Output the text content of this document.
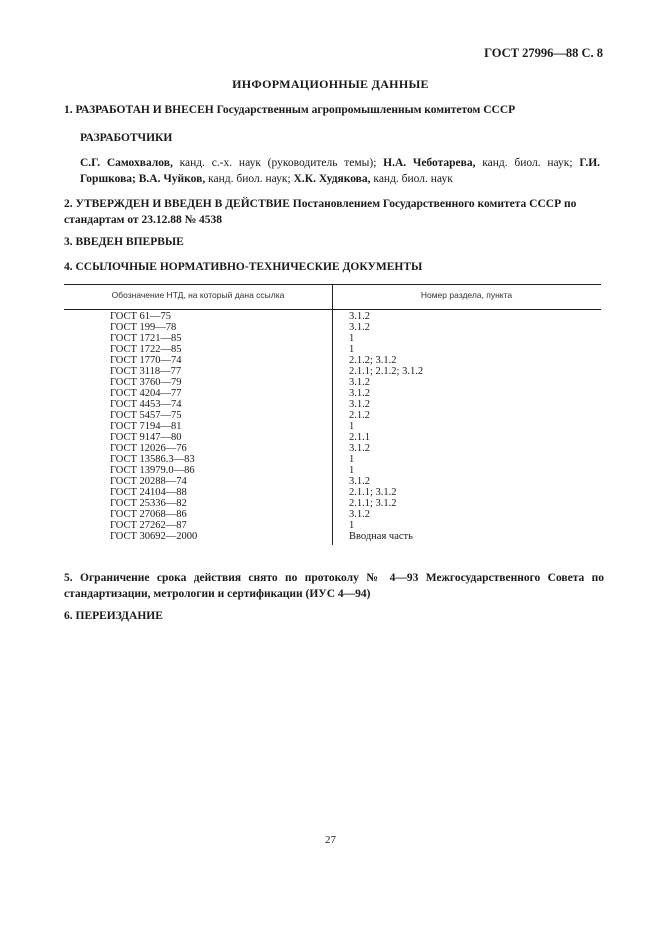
ГОСТ 27996—88 С. 8
ИНФОРМАЦИОННЫЕ ДАННЫЕ
1. РАЗРАБОТАН И ВНЕСЕН Государственным агропромышленным комитетом СССР
РАЗРАБОТЧИКИ
С.Г. Самохвалов, канд. с.-х. наук (руководитель темы); Н.А. Чеботарева, канд. биол. наук; Г.И. Горшкова; В.А. Чуйков, канд. биол. наук; Х.К. Худякова, канд. биол. наук
2. УТВЕРЖДЕН И ВВЕДЕН В ДЕЙСТВИЕ Постановлением Государственного комитета СССР по стандартам от 23.12.88 № 4538
3. ВВЕДЕН ВПЕРВЫЕ
4. ССЫЛОЧНЫЕ НОРМАТИВНО-ТЕХНИЧЕСКИЕ ДОКУМЕНТЫ
Обозначение НТД, на который дана ссылка	Номер раздела, пункта
ГОСТ 61—75	3.1.2
ГОСТ 199—78	3.1.2
ГОСТ 1721—85	1
ГОСТ 1722—85	1
ГОСТ 1770—74	2.1.2; 3.1.2
ГОСТ 3118—77	2.1.1; 2.1.2; 3.1.2
ГОСТ 3760—79	3.1.2
ГОСТ 4204—77	3.1.2
ГОСТ 4453—74	3.1.2
ГОСТ 5457—75	2.1.2
ГОСТ 7194—81	1
ГОСТ 9147—80	2.1.1
ГОСТ 12026—76	3.1.2
ГОСТ 13586.3—83	1
ГОСТ 13979.0—86	1
ГОСТ 20288—74	3.1.2
ГОСТ 24104—88	2.1.1; 3.1.2
ГОСТ 25336—82	2.1.1; 3.1.2
ГОСТ 27068—86	3.1.2
ГОСТ 27262—87	1
ГОСТ 30692—2000	Вводная часть
5. Ограничение срока действия снято по протоколу № 4—93 Межгосударственного Совета по стандартизации, метрологии и сертификации (ИУС 4—94)
6. ПЕРЕИЗДАНИЕ
27
